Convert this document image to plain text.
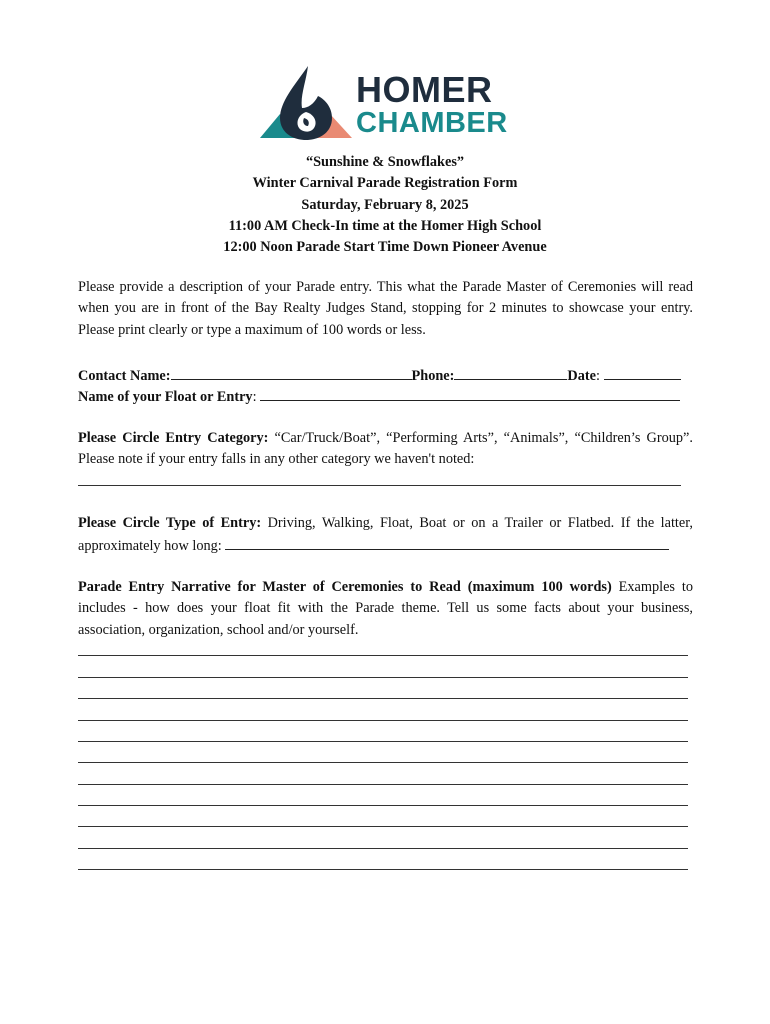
HOMER
CHAMBER
“Sunshine & Snowflakes”
Winter Carnival Parade Registration Form
Saturday, February 8, 2025
11:00 AM Check-In time at the Homer High School
12:00 Noon Parade Start Time Down Pioneer Avenue
Please provide a description of your Parade entry. This what the Parade Master of Ceremonies will read when you are in front of the Bay Realty Judges Stand, stopping for 2 minutes to showcase your entry. Please print clearly or type a maximum of 100 words or less.
Contact Name:	Phone:	Date:
Name of your Float or Entry:
Please Circle Entry Category: “Car/Truck/Boat”, “Performing Arts”, “Animals”, “Children’s Group”. Please note if your entry falls in any other category we haven't noted:
Please Circle Type of Entry: Driving, Walking, Float, Boat or on a Trailer or Flatbed. If the latter, approximately how long:
Parade Entry Narrative for Master of Ceremonies to Read (maximum 100 words) Examples to includes - how does your float fit with the Parade theme. Tell us some facts about your business, association, organization, school and/or yourself.
